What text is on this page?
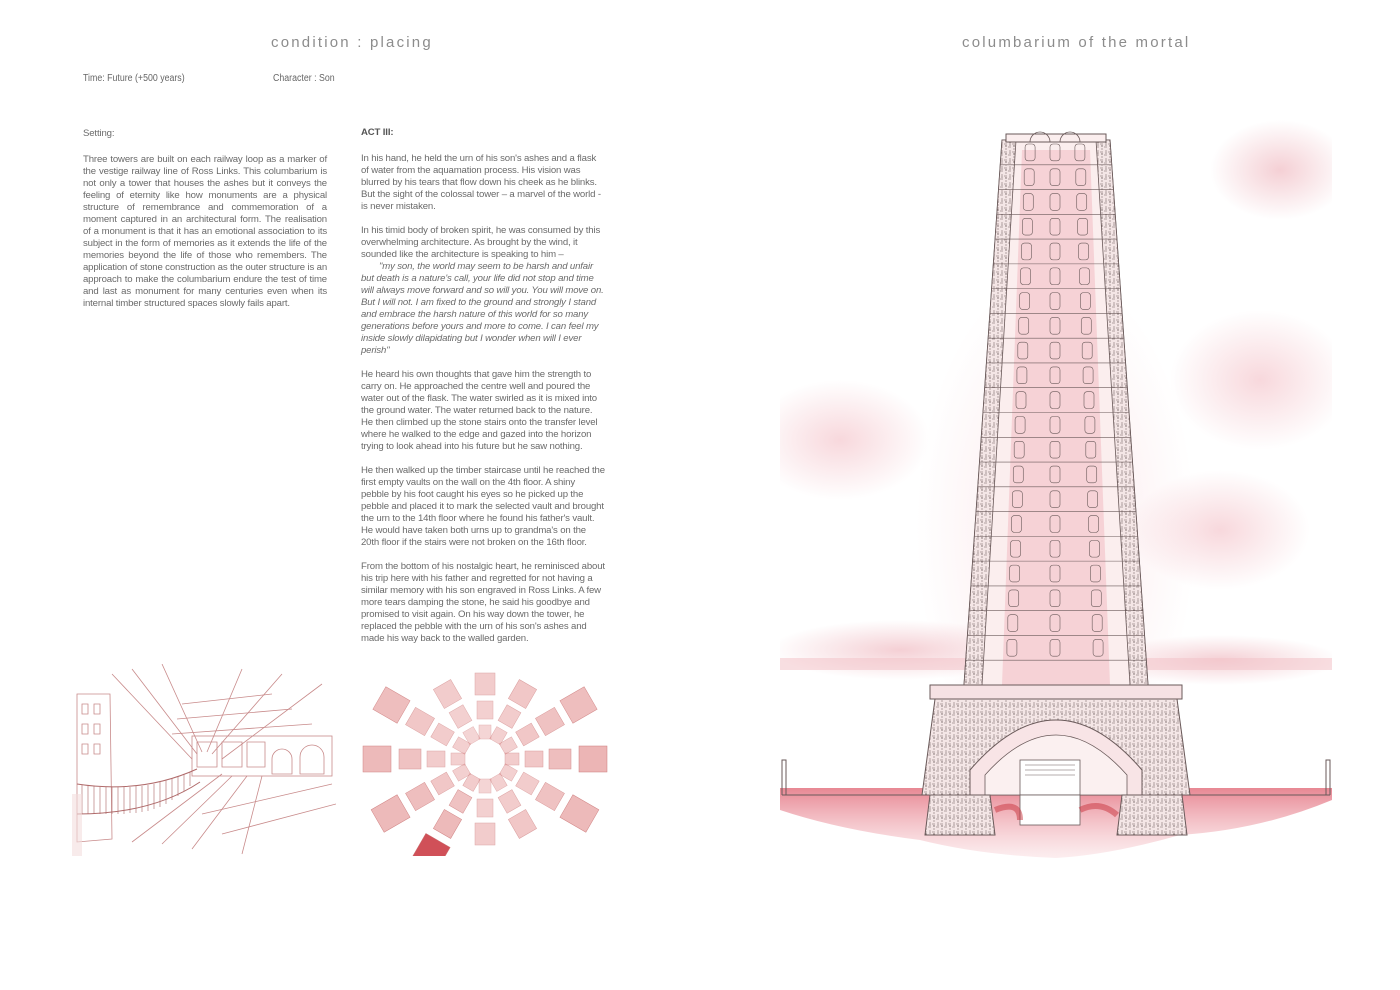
condition : placing
Time: Future (+500 years)	Character : Son
Setting:

Three towers are built on each railway loop as a marker of the vestige railway line of Ross Links. This columbarium is not only a tower that houses the ashes but it conveys the feeling of eternity like how monuments are a physical structure of remembrance and commemoration of a moment captured in an architectural form. The realisation of a monument is that it has an emotional association to its subject in the form of memories as it extends the life of the memories beyond the life of those who remembers. The application of stone construction as the outer structure is an approach to make the columbarium endure the test of time and last as monument for many centuries even when its internal timber structured spaces slowly fails apart.

ACT III:

In his hand, he held the urn of his son's ashes and a flask of water from the aquamation process. His vision was blurred by his tears that flow down his cheek as he blinks. But the sight of the colossal tower – a marvel of the world - is never mistaken.

In his timid body of broken spirit, he was consumed by this overwhelming architecture. As brought by the wind, it sounded like the architecture is speaking to him –

"my son, the world may seem to be harsh and unfair but death is a nature's call, your life did not stop and time will always move forward and so will you. You will move on. But I will not. I am fixed to the ground and strongly I stand and embrace the harsh nature of this world for so many generations before yours and more to come. I can feel my inside slowly dilapidating but I wonder when will I ever perish"

He heard his own thoughts that gave him the strength to carry on. He approached the centre well and poured the water out of the flask. The water swirled as it is mixed into the ground water. The water returned back to the nature. He then climbed up the stone stairs onto the transfer level where he walked to the edge and gazed into the horizon trying to look ahead into his future but he saw nothing.

He then walked up the timber staircase until he reached the first empty vaults on the wall on the 4th floor. A shiny pebble by his foot caught his eyes so he picked up the pebble and placed it to mark the selected vault and brought the urn to the 14th floor where he found his father's vault. He would have taken both urns up to grandma's on the 20th floor if the stairs were not broken on the 16th floor.

From the bottom of his nostalgic heart, he reminisced about his trip here with his father and regretted for not having a similar memory with his son engraved in Ross Links. A few more tears damping the stone, he said his goodbye and promised to visit again. On his way down the tower, he replaced the pebble with the urn of his son's ashes and made his way back to the walled garden.

columbarium of the mortal
